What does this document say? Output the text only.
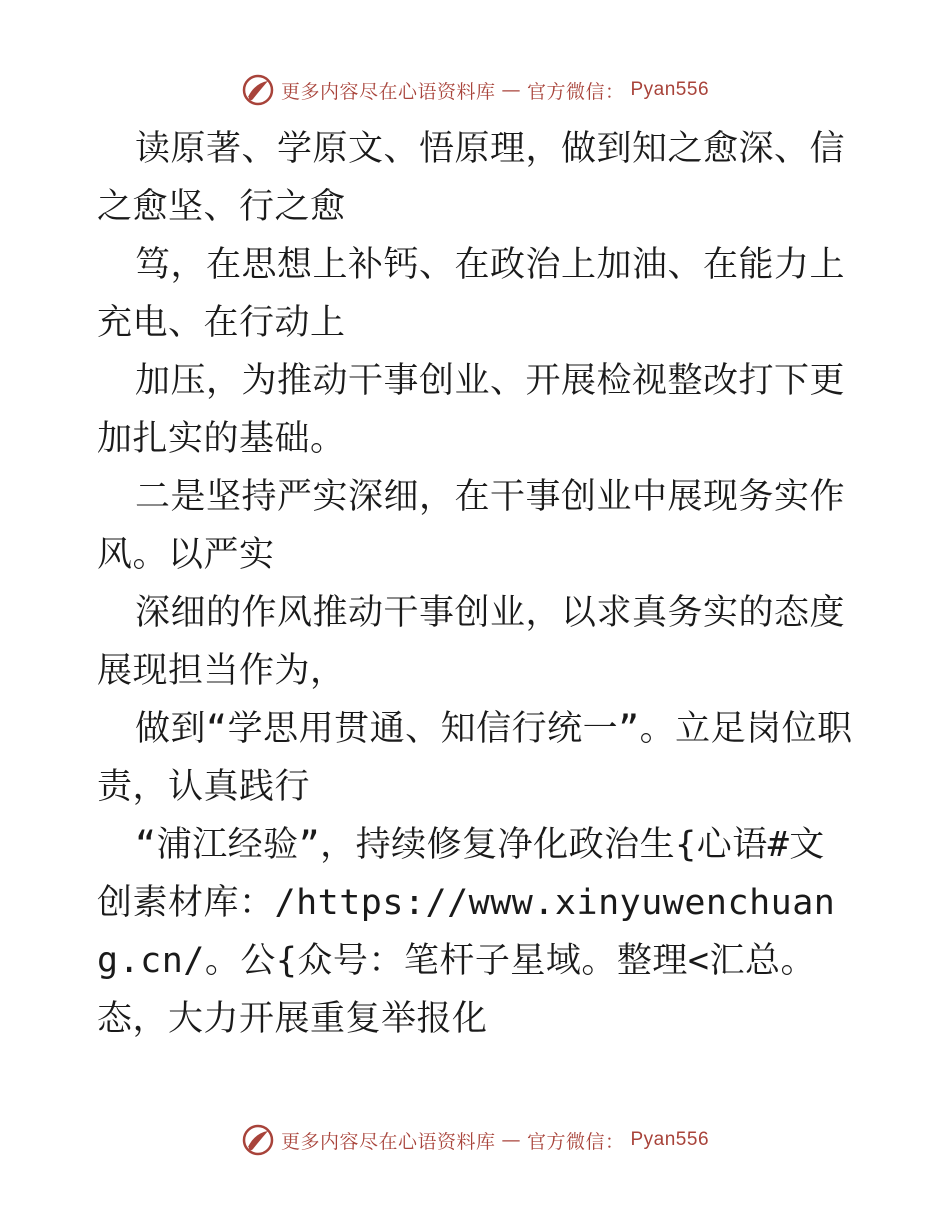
更多内容尽在心语资料库 — 官方微信： Pyan556

读原著、学原文、悟原理，做到知之愈深、信之愈坚、行之愈

笃，在思想上补钙、在政治上加油、在能力上充电、在行动上

加压，为推动干事创业、开展检视整改打下更加扎实的基础。

二是坚持严实深细，在干事创业中展现务实作风。以严实

深细的作风推动干事创业，以求真务实的态度展现担当作为，

做到“学思用贯通、知信行统一”。立足岗位职责，认真践行

“浦江经验”，持续修复净化政治生{心语#文创素材库：/https://www.xinyuwenchuang.cn/。公{众号：笔杆子星域。整理<汇总。态，大力开展重复举报化

更多内容尽在心语资料库 — 官方微信： Pyan556
